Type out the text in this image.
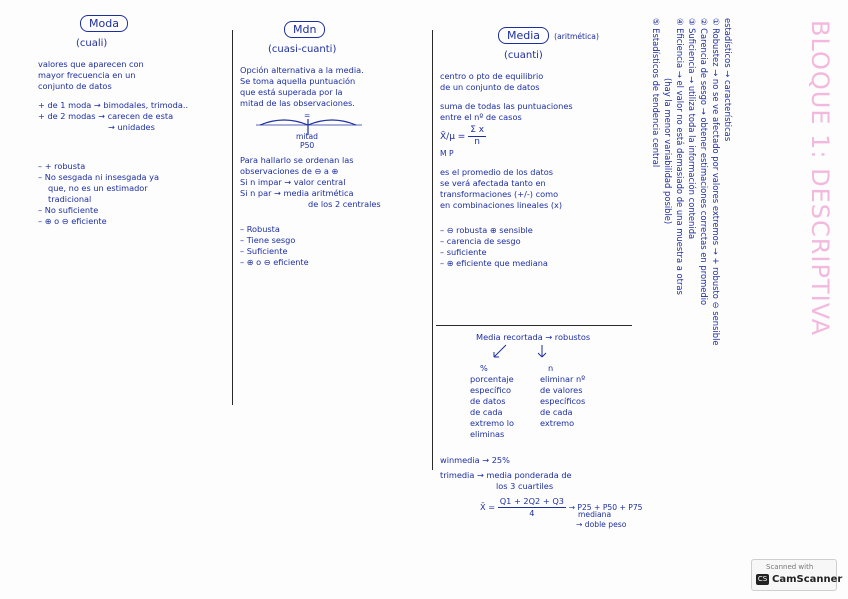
Moda
(cuali)
valores que aparecen con
mayor frecuencia en un
conjunto de datos
+ de 1 moda → bimodales, trimoda..
+ de 2 modas → carecen de esta
→ unidades
– + robusta
– No sesgada ni insesgada ya
que, no es un estimador
tradicional
– No suficiente
– ⊕ o ⊖ eficiente
Mdn
(cuasi-cuanti)
Opción alternativa a la media.
Se toma aquella puntuación
que está superada por la
mitad de las observaciones.
=
mitad
P50
Para hallarlo se ordenan las
observaciones de ⊖ a ⊕
Si n impar → valor central
Si n par → media aritmética
de los 2 centrales
– Robusta
– Tiene sesgo
– Suficiente
– ⊕ o ⊖ eficiente
Media (aritmética)
(cuanti)
centro o pto de equilibrio
de un conjunto de datos
suma de todas las puntuaciones
entre el nº de casos
X̄/μ = $\frac{\text{Σ x}}{n}$
M P
es el promedio de los datos
se verá afectada tanto en
transformaciones (+/-) como
en combinaciones lineales (x)
– ⊖ robusta ⊕ sensible
– carencia de sesgo
– suficiente
– ⊕ eficiente que mediana
Media recortada → robustos
%
porcentaje
específico
de datos
de cada
extremo lo
eliminas
n
eliminar nº
de valores
específicos
de cada
extremo
winmedia → 25%
trimedia → media ponderada de
los 3 cuartiles
mediana
X̄ = $\frac{Q1 + 2Q2 + Q3}{4} \to P25 + P50 + P75$
→ doble peso
estadísticos → características
① Robustez → no se ve afectado por valores extremos → + robusto ⊖ sensible
② Carencia de sesgo → obtener estimaciones correctas en promedio
③ Suficiencia → utiliza toda la información contenida
④ Eficiencia → el valor no está demasiado de una muestra a otras
(hay la menor variabilidad posible)
⑤ Estadísticos de tendencia central	BLOQUE 1: DESCRIPTIVA
Scanned with
CS CamScanner
